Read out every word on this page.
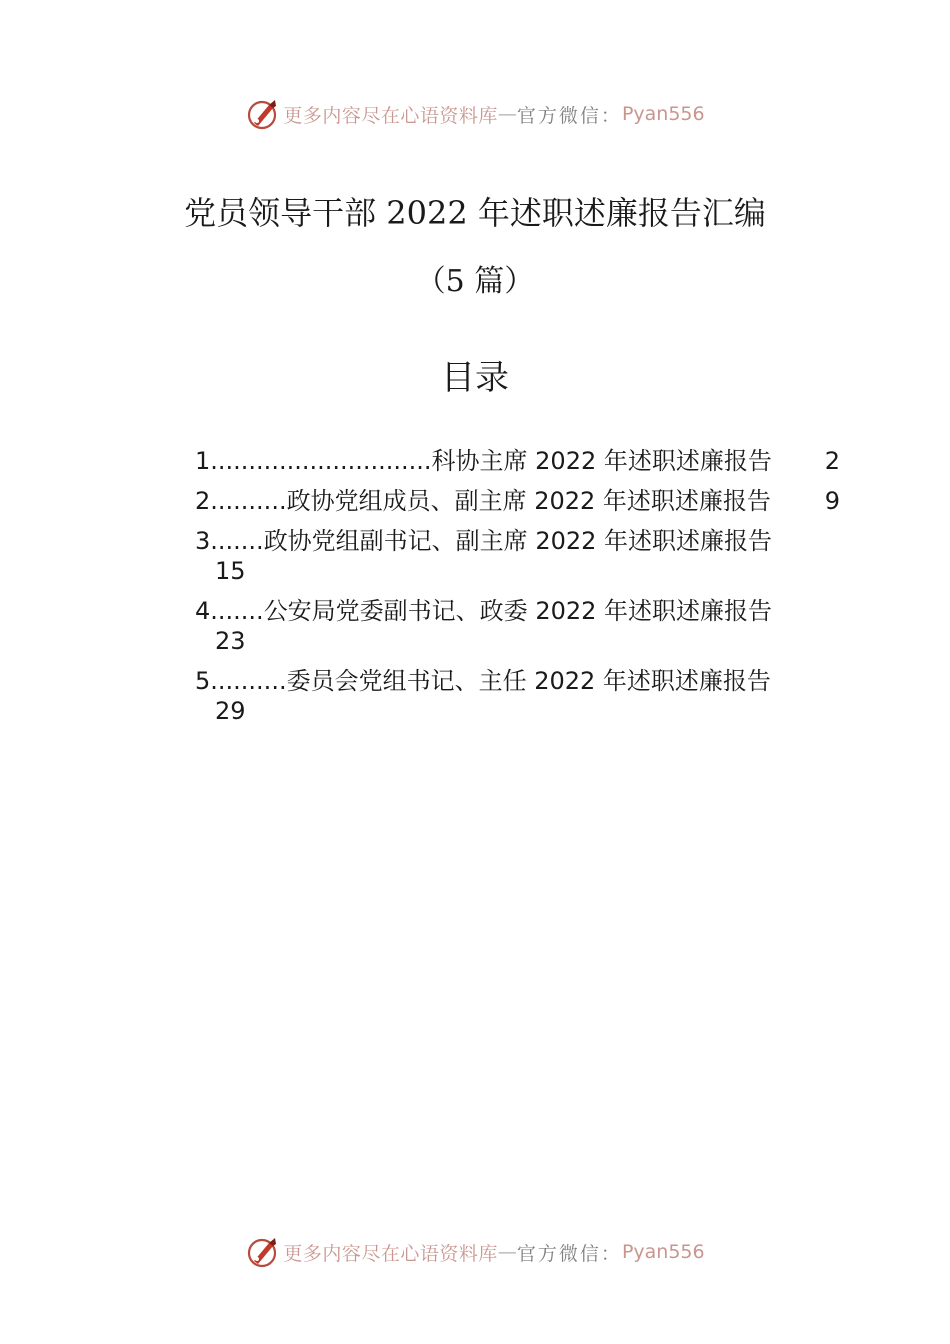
更多内容尽在心语资料库 — 官方微信： Pyan556
党员领导干部 2022 年述职述廉报告汇编
（5 篇）
目录
1.............................科协主席 2022 年述职述廉报告 2
2..........政协党组成员、副主席 2022 年述职述廉报告 9
3.......政协党组副书记、副主席 2022 年述职述廉报告
15
4.......公安局党委副书记、政委 2022 年述职述廉报告
23
5..........委员会党组书记、主任 2022 年述职述廉报告
29
更多内容尽在心语资料库 — 官方微信： Pyan556
